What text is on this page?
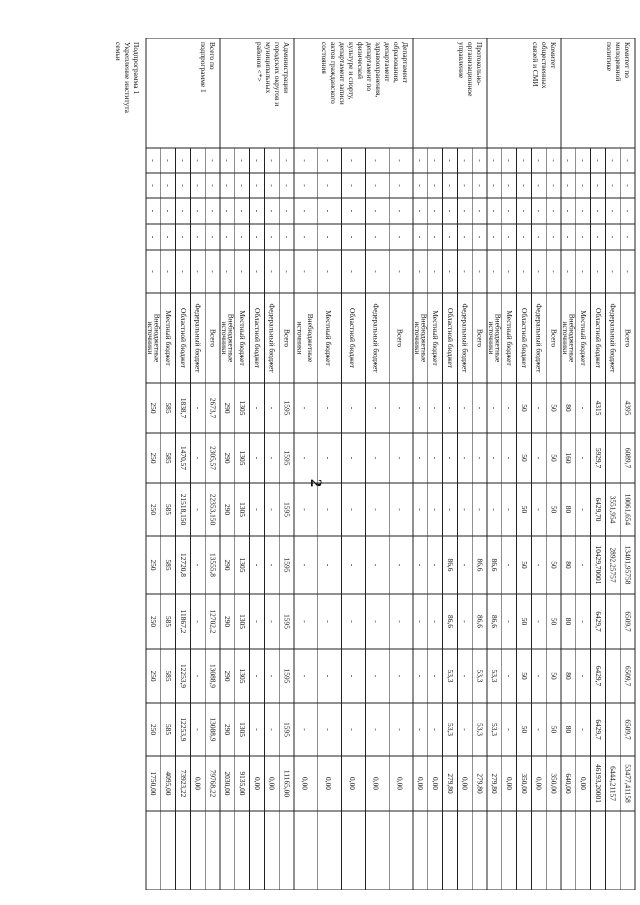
2
Комитет по
молодежной
политике
-
-
-
-
-
Всего
4395
6089,7
10061,654
13401,95758
6509,7
6509,7
6509,7
53477,41158
-
-
-
-
-
Федеральный бюджет
3551,954
2892,25757
6444,21157
-
-
-
-
-
Областной бюджет
4315
5929,7
6429,70
10429,70001
6429,7
6429,7
6429,7
46193,20001
-
-
-
-
-
Местный бюджет
-
-
-
-
-
-
-
0,00
-
-
-
-
-
Внебюджетные
источники
80
160
80
80
80
80
80
640,00
Комитет
общественных
связей и СМИ
-
-
-
-
-
Всего
50
50
50
50
50
50
50
350,00
-
-
-
-
-
Федеральный бюджет
-
-
-
-
-
-
-
0,00
-
-
-
-
-
Областной бюджет
50
50
50
50
50
50
50
350,00
-
-
-
-
-
Местный бюджет
-
-
-
-
-
-
-
0,00
-
-
-
-
-
Внебюджетные
источники
-
-
-
86,6
86,6
53,3
53,3
279,80
Протокольно-
организационное
управление
-
-
-
-
-
Всего
-
-
-
86,6
86,6
53,3
53,3
279,80
-
-
-
-
-
Федеральный бюджет
-
-
-
-
-
-
-
0,00
-
-
-
-
-
Областной бюджет
-
-
-
86,6
86,6
53,3
53,3
279,80
-
-
-
-
-
Местный бюджет
-
-
-
-
-
-
-
0,00
-
-
-
-
-
Внебюджетные
источники
-
-
-
-
-
-
-
0,00
Департамент
образования,
департамент
здравоохранения,
департамент по
физической
культуре и спорту,
департамент записи
актов гражданского
состояния
-
-
-
-
-
Всего
-
-
-
-
-
-
-
0,00
-
-
-
-
-
Федеральный бюджет
-
-
-
-
-
-
-
0,00
-
-
-
-
-
Областной бюджет
-
-
-
-
-
-
-
0,00
-
-
-
-
-
Местный бюджет
-
-
-
-
-
-
-
0,00
-
-
-
-
-
Внебюджетные
источники
-
-
-
-
-
-
-
0,00
Администрации
городских округов и
муниципальных
районов <*>
-
-
-
-
-
Всего
1595
1595
1595
1595
1595
1595
1595
11165,00
-
-
-
-
-
Федеральный бюджет
-
-
-
-
-
-
-
0,00
-
-
-
-
-
Областной бюджет
-
-
-
-
-
-
-
0,00
-
-
-
-
-
Местный бюджет
1305
1305
1305
1305
1305
1305
1305
9135,00
-
-
-
-
-
Внебюджетные
источники
290
290
290
290
290
290
290
2030,00
Всего по
подпрограмме 1
-
-
-
-
-
Всего
2673,7
2305,57
22353,150
13555,8
12702,2
13088,9
13088,9
79768,22
-
-
-
-
-
Федеральный бюджет
-
-
-
-
-
-
-
0,00
-
-
-
-
-
Областной бюджет
1838,7
1470,57
21518,150
12720,8
11867,2
12253,9
12253,9
73923,22
-
-
-
-
-
Местный бюджет
585
585
585
585
585
585
585
4095,00
-
-
-
-
-
Внебюджетные
источники
250
250
250
250
250
250
250
1750,00
Подпрограмма 1
Укрепление института
семьи
